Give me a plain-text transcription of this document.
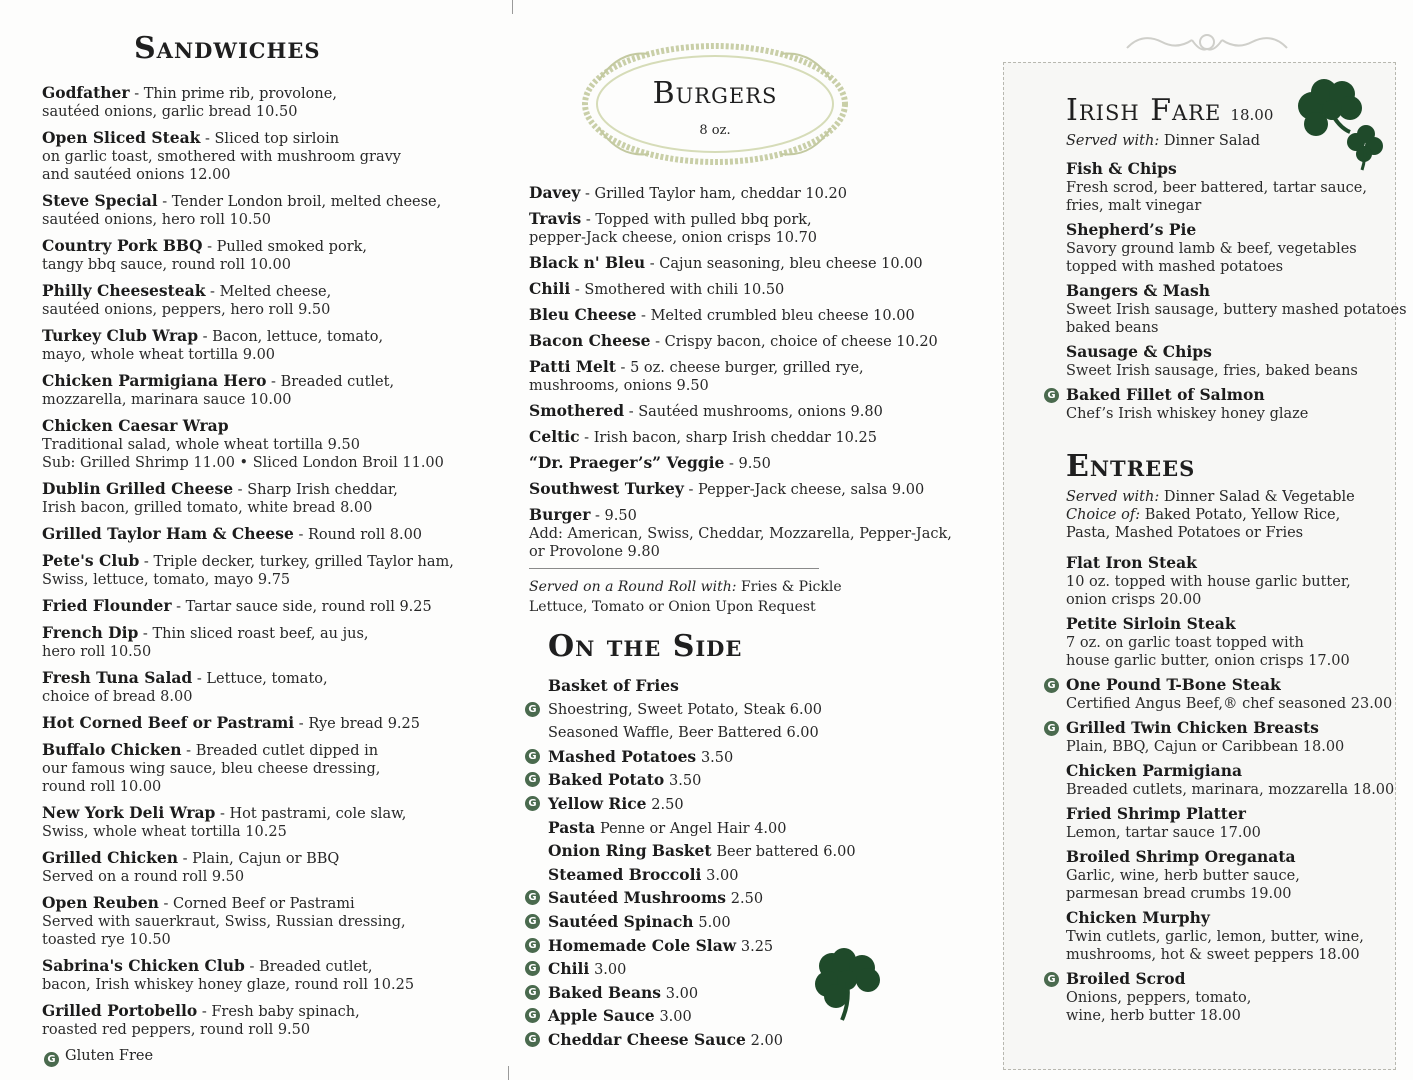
Sandwiches
Godfather - Thin prime rib, provolone,
sautéed onions, garlic bread 10.50
Open Sliced Steak - Sliced top sirloin
on garlic toast, smothered with mushroom gravy
and sautéed onions 12.00
Steve Special - Tender London broil, melted cheese,
sautéed onions, hero roll 10.50
Country Pork BBQ - Pulled smoked pork,
tangy bbq sauce, round roll 10.00
Philly Cheesesteak - Melted cheese,
sautéed onions, peppers, hero roll 9.50
Turkey Club Wrap - Bacon, lettuce, tomato,
mayo, whole wheat tortilla 9.00
Chicken Parmigiana Hero - Breaded cutlet,
mozzarella, marinara sauce 10.00
Chicken Caesar Wrap
Traditional salad, whole wheat tortilla 9.50
Sub: Grilled Shrimp 11.00 • Sliced London Broil 11.00
Dublin Grilled Cheese - Sharp Irish cheddar,
Irish bacon, grilled tomato, white bread 8.00
Grilled Taylor Ham & Cheese - Round roll 8.00
Pete's Club - Triple decker, turkey, grilled Taylor ham,
Swiss, lettuce, tomato, mayo 9.75
Fried Flounder - Tartar sauce side, round roll 9.25
French Dip - Thin sliced roast beef, au jus,
hero roll 10.50
Fresh Tuna Salad - Lettuce, tomato,
choice of bread 8.00
Hot Corned Beef or Pastrami - Rye bread 9.25
Buffalo Chicken - Breaded cutlet dipped in
our famous wing sauce, bleu cheese dressing,
round roll 10.00
New York Deli Wrap - Hot pastrami, cole slaw,
Swiss, whole wheat tortilla 10.25
Grilled Chicken - Plain, Cajun or BBQ
Served on a round roll 9.50
Open Reuben - Corned Beef or Pastrami
Served with sauerkraut, Swiss, Russian dressing,
toasted rye 10.50
Sabrina's Chicken Club - Breaded cutlet,
bacon, Irish whiskey honey glaze, round roll 10.25
Grilled Portobello - Fresh baby spinach,
roasted red peppers, round roll 9.50
Burgers
8 oz.
Davey - Grilled Taylor ham, cheddar 10.20
Travis - Topped with pulled bbq pork,
pepper-Jack cheese, onion crisps 10.70
Black n' Bleu - Cajun seasoning, bleu cheese 10.00
Chili - Smothered with chili 10.50
Bleu Cheese - Melted crumbled bleu cheese 10.00
Bacon Cheese - Crispy bacon, choice of cheese 10.20
Patti Melt - 5 oz. cheese burger, grilled rye,
mushrooms, onions 9.50
Smothered - Sautéed mushrooms, onions 9.80
Celtic - Irish bacon, sharp Irish cheddar 10.25
“Dr. Praeger’s” Veggie - 9.50
Southwest Turkey - Pepper-Jack cheese, salsa 9.00
Burger - 9.50
Add: American, Swiss, Cheddar, Mozzarella, Pepper-Jack,
or Provolone 9.80
Served on a Round Roll with: Fries & Pickle
Lettuce, Tomato or Onion Upon Request
On the Side
Basket of Fries
G Shoestring, Sweet Potato, Steak 6.00
Seasoned Waffle, Beer Battered 6.00
G Mashed Potatoes 3.50
G Baked Potato 3.50
G Yellow Rice 2.50
Pasta Penne or Angel Hair 4.00
Onion Ring Basket Beer battered 6.00
Steamed Broccoli 3.00
G Sautéed Mushrooms 2.50
G Sautéed Spinach 5.00
G Homemade Cole Slaw 3.25
G Chili 3.00
G Baked Beans 3.00
G Apple Sauce 3.00
G Cheddar Cheese Sauce 2.00
Irish Fare 18.00
Served with: Dinner Salad
Fish & Chips
Fresh scrod, beer battered, tartar sauce,
fries, malt vinegar
Shepherd’s Pie
Savory ground lamb & beef, vegetables
topped with mashed potatoes
Bangers & Mash
Sweet Irish sausage, buttery mashed potatoes
baked beans
Sausage & Chips
Sweet Irish sausage, fries, baked beans
G Baked Fillet of Salmon
Chef’s Irish whiskey honey glaze
Entrees
Served with: Dinner Salad & Vegetable
Choice of: Baked Potato, Yellow Rice,
Pasta, Mashed Potatoes or Fries
Flat Iron Steak
10 oz. topped with house garlic butter,
onion crisps 20.00
Petite Sirloin Steak
7 oz. on garlic toast topped with
house garlic butter, onion crisps 17.00
G One Pound T-Bone Steak
Certified Angus Beef,® chef seasoned 23.00
G Grilled Twin Chicken Breasts
Plain, BBQ, Cajun or Caribbean 18.00
Chicken Parmigiana
Breaded cutlets, marinara, mozzarella 18.00
Fried Shrimp Platter
Lemon, tartar sauce 17.00
Broiled Shrimp Oreganata
Garlic, wine, herb butter sauce,
parmesan bread crumbs 19.00
Chicken Murphy
Twin cutlets, garlic, lemon, butter, wine,
mushrooms, hot & sweet peppers 18.00
G Broiled Scrod
Onions, peppers, tomato,
wine, herb butter 18.00
G Gluten Free
